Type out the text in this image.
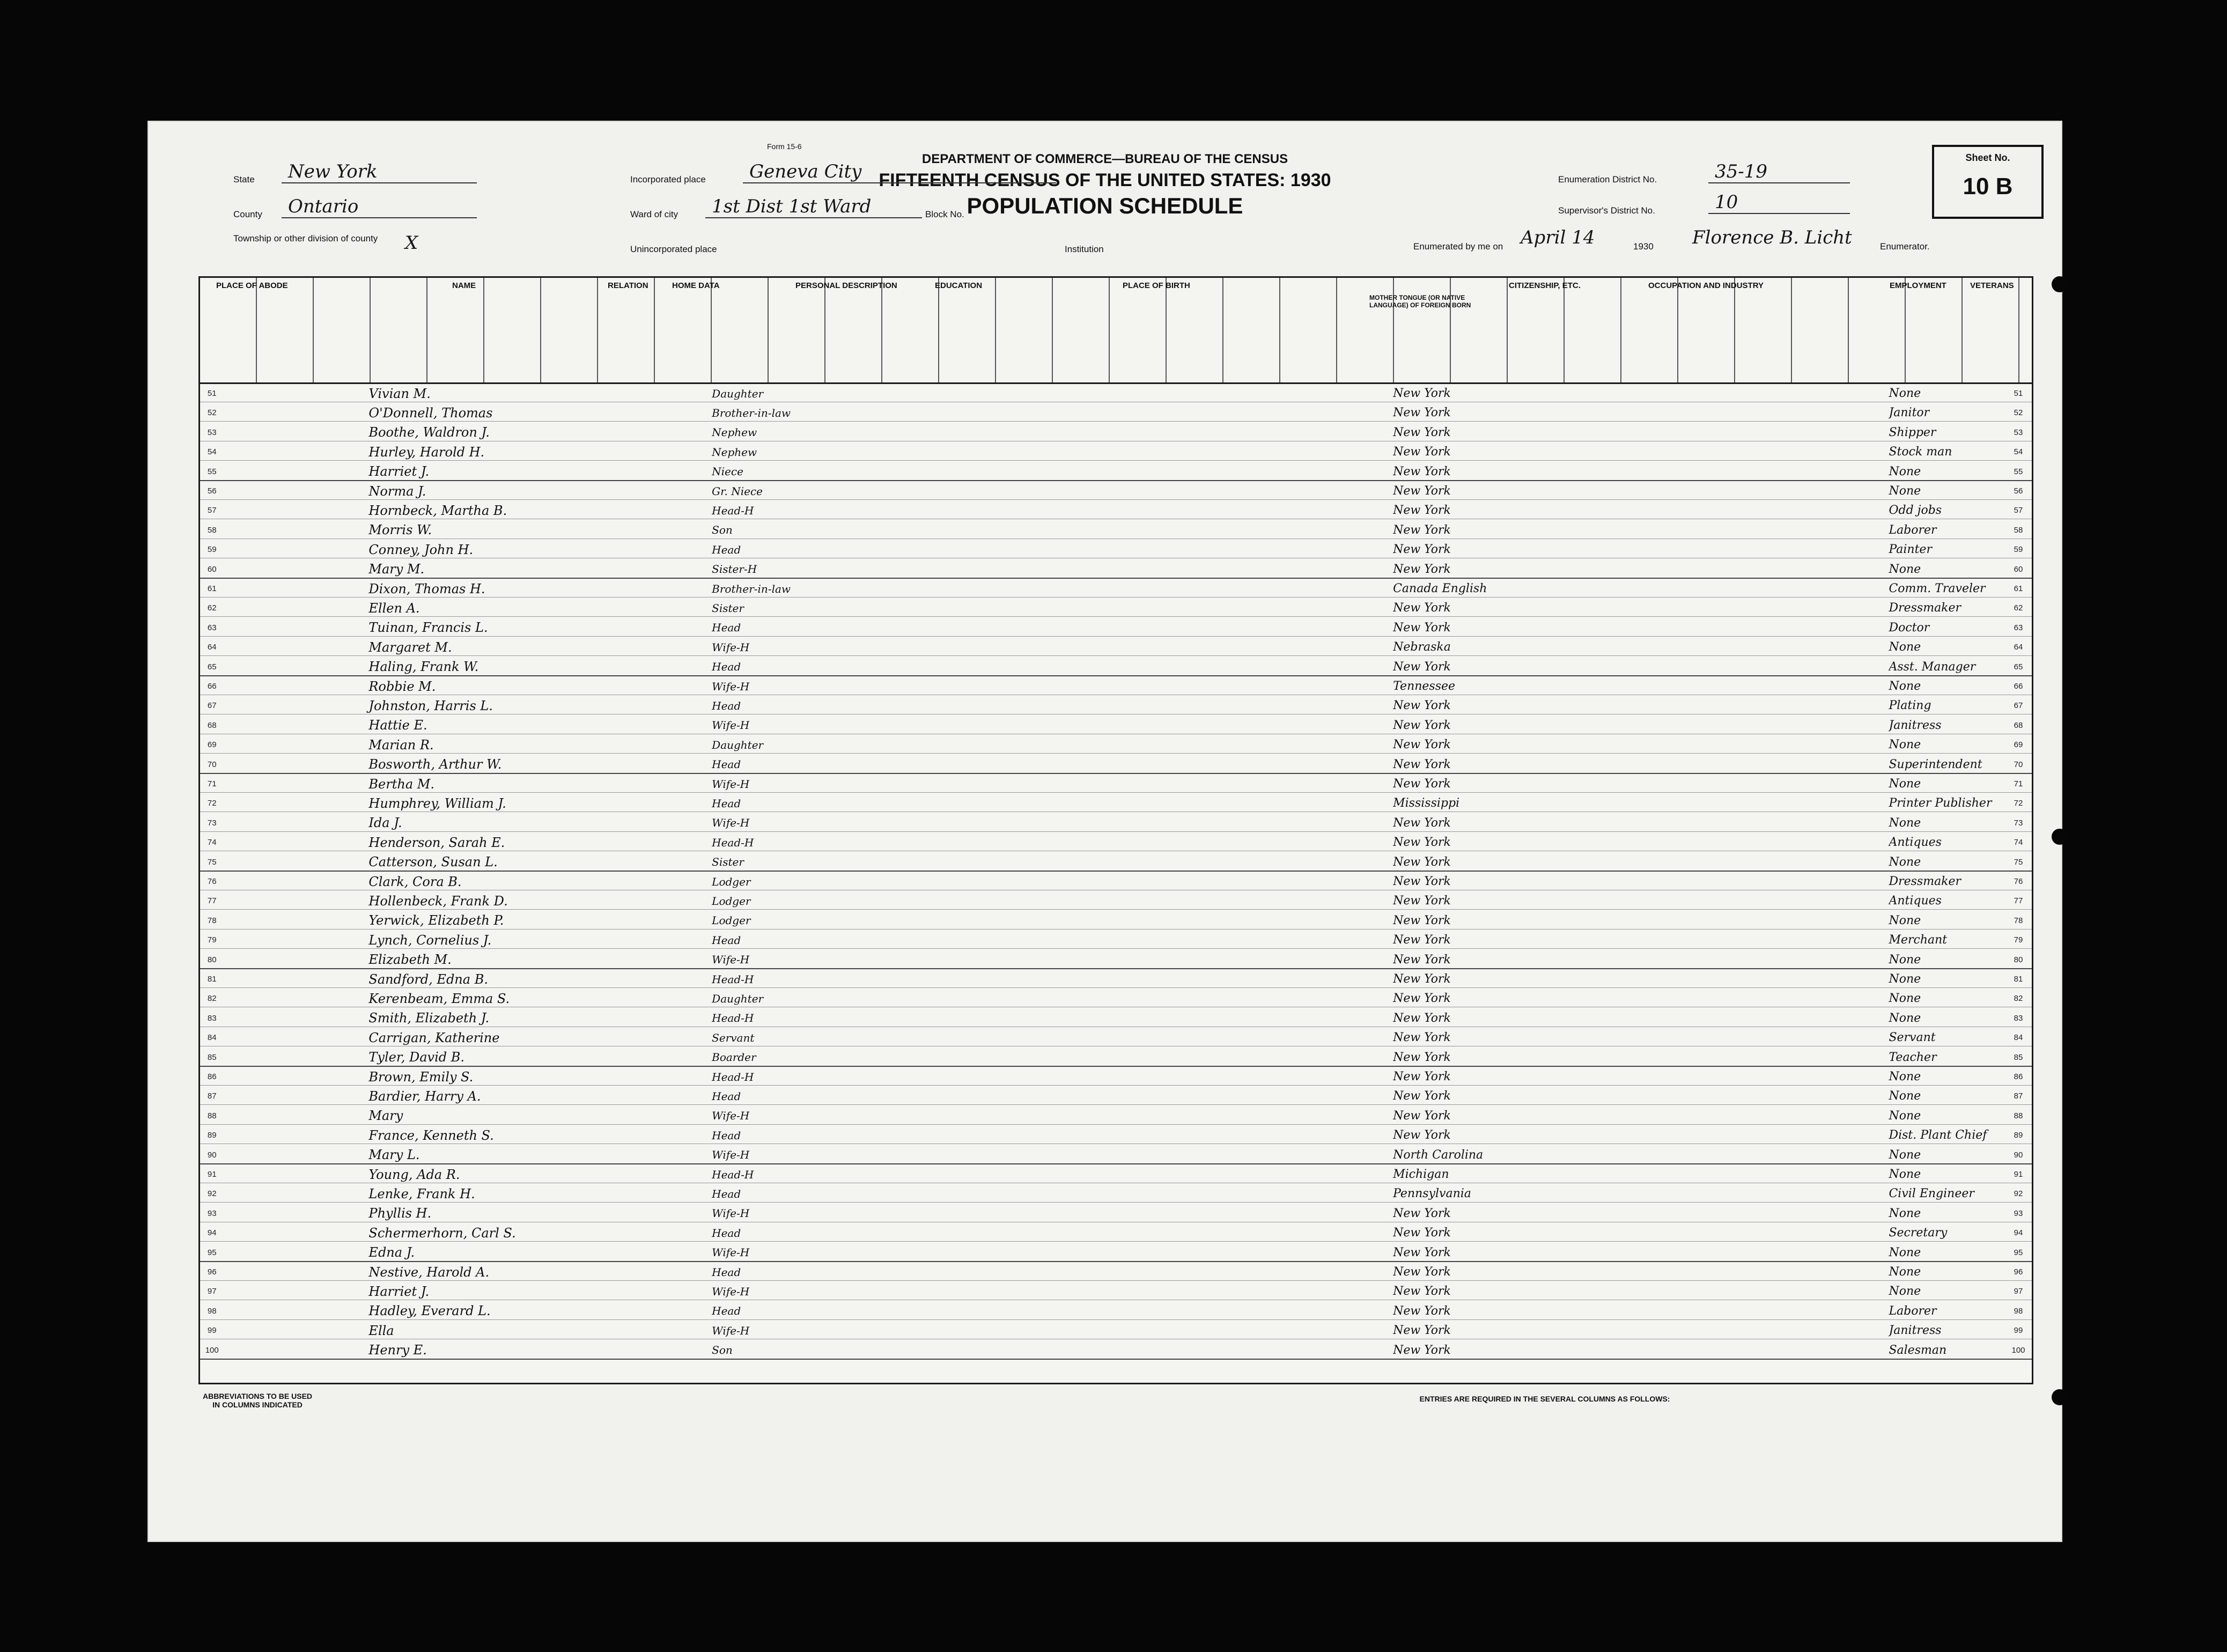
Form 15-6
DEPARTMENT OF COMMERCE—BUREAU OF THE CENSUS
FIFTEENTH CENSUS OF THE UNITED STATES: 1930
POPULATION SCHEDULE
State	New York
County	Ontario
Township or other division of county	X
Incorporated place	Geneva City
Ward of city	1st Dist 1st Ward	Block No.
Unincorporated place	Institution
Enumeration District No.	35-19
Supervisor's District No.	10
Sheet No.
10 B
Enumerated by me on April 14	1930 Florence B. Licht	Enumerator.
PLACE OF ABODE	NAME	RELATION	HOME DATA	PERSONAL DESCRIPTION	EDUCATION	PLACE OF BIRTH
MOTHER TONGUE (OR NATIVE LANGUAGE) OF FOREIGN BORN
CITIZENSHIP, ETC.	OCCUPATION AND INDUSTRY	EMPLOYMENT	VETERANS
51	Vivian M.	Daughter	New York	None	51
52	O'Donnell, Thomas	Brother-in-law	New York	Janitor	52
53	Boothe, Waldron J.	Nephew	New York	Shipper	53
54	Hurley, Harold H.	Nephew	New York	Stock man	54
55	Harriet J.	Niece	New York	None	55
56	Norma J.	Gr. Niece	New York	None	56
57	Hornbeck, Martha B.	Head-H	New York	Odd jobs	57
58	Morris W.	Son	New York	Laborer	58
59	Conney, John H.	Head	New York	Painter	59
60	Mary M.	Sister-H	New York	None	60
61	Dixon, Thomas H.	Brother-in-law	Canada English	Comm. Traveler	61
62	Ellen A.	Sister	New York	Dressmaker	62
63	Tuinan, Francis L.	Head	New York	Doctor	63
64	Margaret M.	Wife-H	Nebraska	None	64
65	Haling, Frank W.	Head	New York	Asst. Manager	65
66	Robbie M.	Wife-H	Tennessee	None	66
67	Johnston, Harris L.	Head	New York	Plating	67
68	Hattie E.	Wife-H	New York	Janitress	68
69	Marian R.	Daughter	New York	None	69
70	Bosworth, Arthur W.	Head	New York	Superintendent	70
71	Bertha M.	Wife-H	New York	None	71
72	Humphrey, William J.	Head	Mississippi	Printer Publisher	72
73	Ida J.	Wife-H	New York	None	73
74	Henderson, Sarah E.	Head-H	New York	Antiques	74
75	Catterson, Susan L.	Sister	New York	None	75
76	Clark, Cora B.	Lodger	New York	Dressmaker	76
77	Hollenbeck, Frank D.	Lodger	New York	Antiques	77
78	Yerwick, Elizabeth P.	Lodger	New York	None	78
79	Lynch, Cornelius J.	Head	New York	Merchant	79
80	Elizabeth M.	Wife-H	New York	None	80
81	Sandford, Edna B.	Head-H	New York	None	81
82	Kerenbeam, Emma S.	Daughter	New York	None	82
83	Smith, Elizabeth J.	Head-H	New York	None	83
84	Carrigan, Katherine	Servant	New York	Servant	84
85	Tyler, David B.	Boarder	New York	Teacher	85
86	Brown, Emily S.	Head-H	New York	None	86
87	Bardier, Harry A.	Head	New York	None	87
88	Mary	Wife-H	New York	None	88
89	France, Kenneth S.	Head	New York	Dist. Plant Chief	89
90	Mary L.	Wife-H	North Carolina	None	90
91	Young, Ada R.	Head-H	Michigan	None	91
92	Lenke, Frank H.	Head	Pennsylvania	Civil Engineer	92
93	Phyllis H.	Wife-H	New York	None	93
94	Schermerhorn, Carl S.	Head	New York	Secretary	94
95	Edna J.	Wife-H	New York	None	95
96	Nestive, Harold A.	Head	New York	None	96
97	Harriet J.	Wife-H	New York	None	97
98	Hadley, Everard L.	Head	New York	Laborer	98
99	Ella	Wife-H	New York	Janitress	99
100	Henry E.	Son	New York	Salesman	100
ABBREVIATIONS TO BE USED IN COLUMNS INDICATED
ENTRIES ARE REQUIRED IN THE SEVERAL COLUMNS AS FOLLOWS:
